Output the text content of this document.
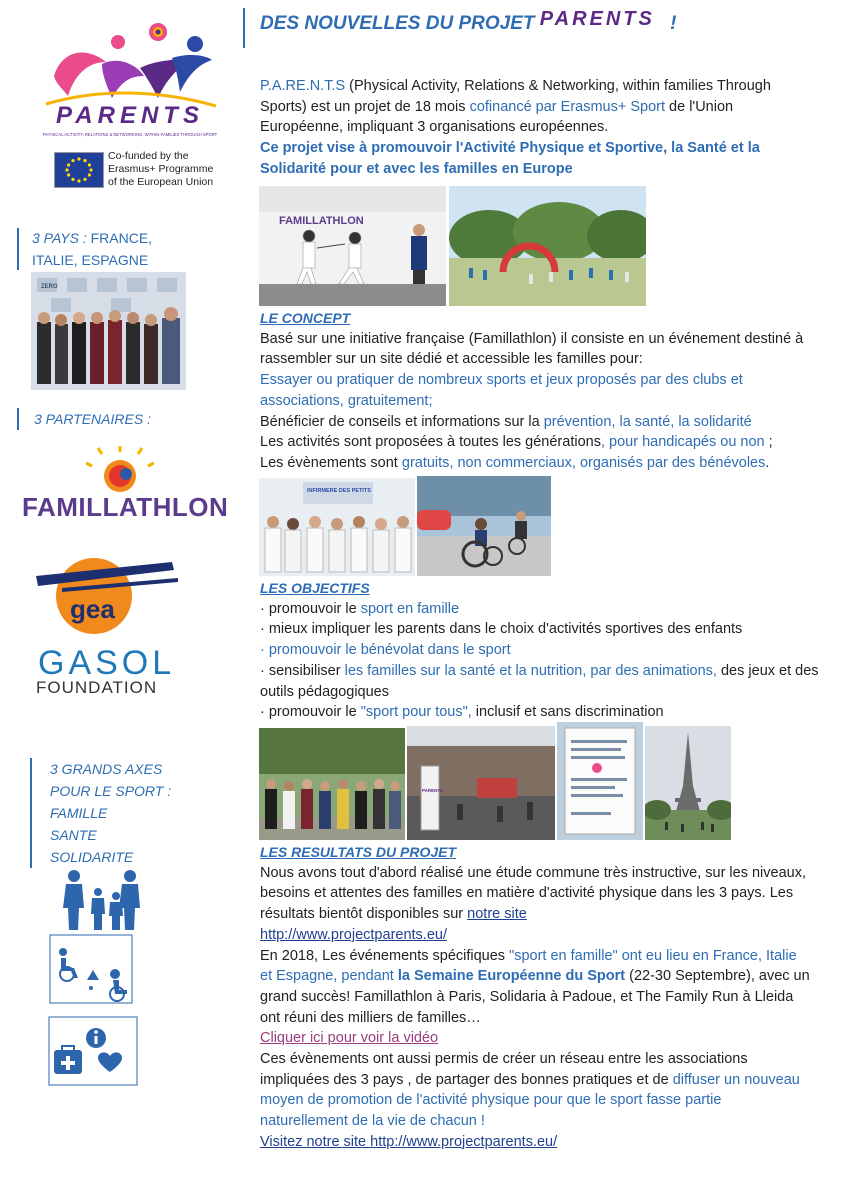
PARENTS
PHYSICAL ACTIVITY, RELATIONS & NETWORKING, WITHIN FAMILIES THROUGH SPORT
Co-funded by the
Erasmus+ Programme
of the European Union
3 PAYS : FRANCE,
ITALIE, ESPAGNE
ZERO
3 PARTENAIRES :
FAMILLATHLON
gea
GASOL
FOUNDATION
3 GRANDS AXES
POUR LE SPORT :
FAMILLE
SANTE
SOLIDARITE
DES NOUVELLES DU PROJET PARENTS !
P.A.RE.N.T.S (Physical Activity, Relations & Networking, within families Through Sports) est un projet de 18 mois cofinancé par Erasmus+ Sport de l'Union Européenne, impliquant 3 organisations européennes.
Ce projet vise à promouvoir l'Activité Physique et Sportive, la Santé et la Solidarité pour et avec les familles en Europe
FAMILLATHLON
LE CONCEPT
Basé sur une initiative française (Famillathlon) il consiste en un événement destiné à rassembler sur un site dédié et accessible les familles pour:
Essayer ou pratiquer de nombreux sports et jeux proposés par des clubs et associations, gratuitement;
Bénéficier de conseils et informations sur la prévention, la santé, la solidarité
Les activités sont proposées à toutes les générations, pour handicapés ou non ;
Les évènements sont gratuits, non commerciaux, organisés par des bénévoles.
INFIRMERE DES PETITS
LES OBJECTIFS
· promouvoir le sport en famille
· mieux impliquer les parents dans le choix d'activités sportives des enfants
· promouvoir le bénévolat dans le sport
· sensibiliser les familles sur la santé et la nutrition, par des animations, des jeux et des outils pédagogiques
· promouvoir le "sport pour tous", inclusif et sans discrimination
PARENTS
LES RESULTATS DU PROJET
Nous avons tout d'abord réalisé une étude commune très instructive, sur les niveaux, besoins et attentes des familles en matière d'activité physique dans les 3 pays. Les résultats bientôt disponibles sur notre site
http://www.projectparents.eu/
En 2018, Les événements spécifiques "sport en famille" ont eu lieu en France, Italie et Espagne, pendant la Semaine Européenne du Sport (22-30 Septembre), avec un grand succès! Famillathlon à Paris, Solidaria à Padoue, et The Family Run à Lleida ont réuni des milliers de familles…
Cliquer ici pour voir la vidéo
Ces évènements ont aussi permis de créer un réseau entre les associations impliquées des 3 pays , de partager des bonnes pratiques et de diffuser un nouveau moyen de promotion de l'activité physique pour que le sport fasse partie naturellement de la vie de chacun !
Visitez notre site http://www.projectparents.eu/
